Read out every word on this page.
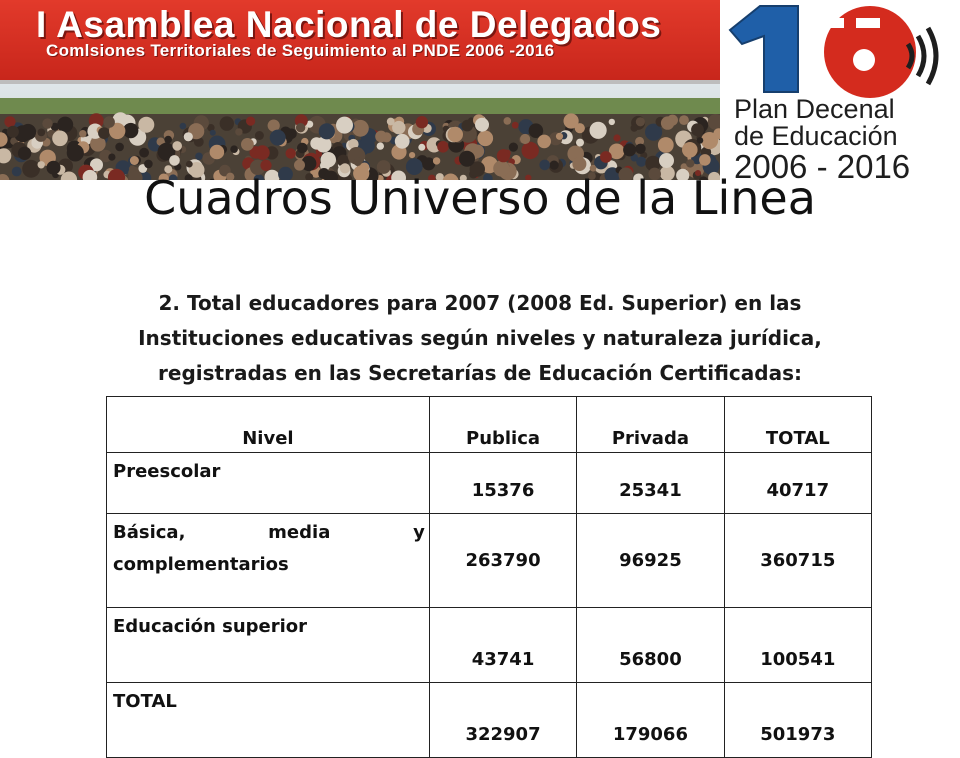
I Asamblea Nacional de Delegados
Comlsiones Territoriales de Seguimiento al PNDE 2006 -2016
Plan Decenal
de Educación
2006 - 2016
Cuadros Universo de la Linea
2. Total educadores para 2007 (2008 Ed. Superior) en las Instituciones educativas según niveles y naturaleza jurídica, registradas en las Secretarías de Educación Certificadas:
Nivel	Publica	Privada	TOTAL
Preescolar	15376	25341	40717
Básica, media y complementarios	263790	96925	360715
Educación superior	43741	56800	100541
TOTAL	322907	179066	501973
